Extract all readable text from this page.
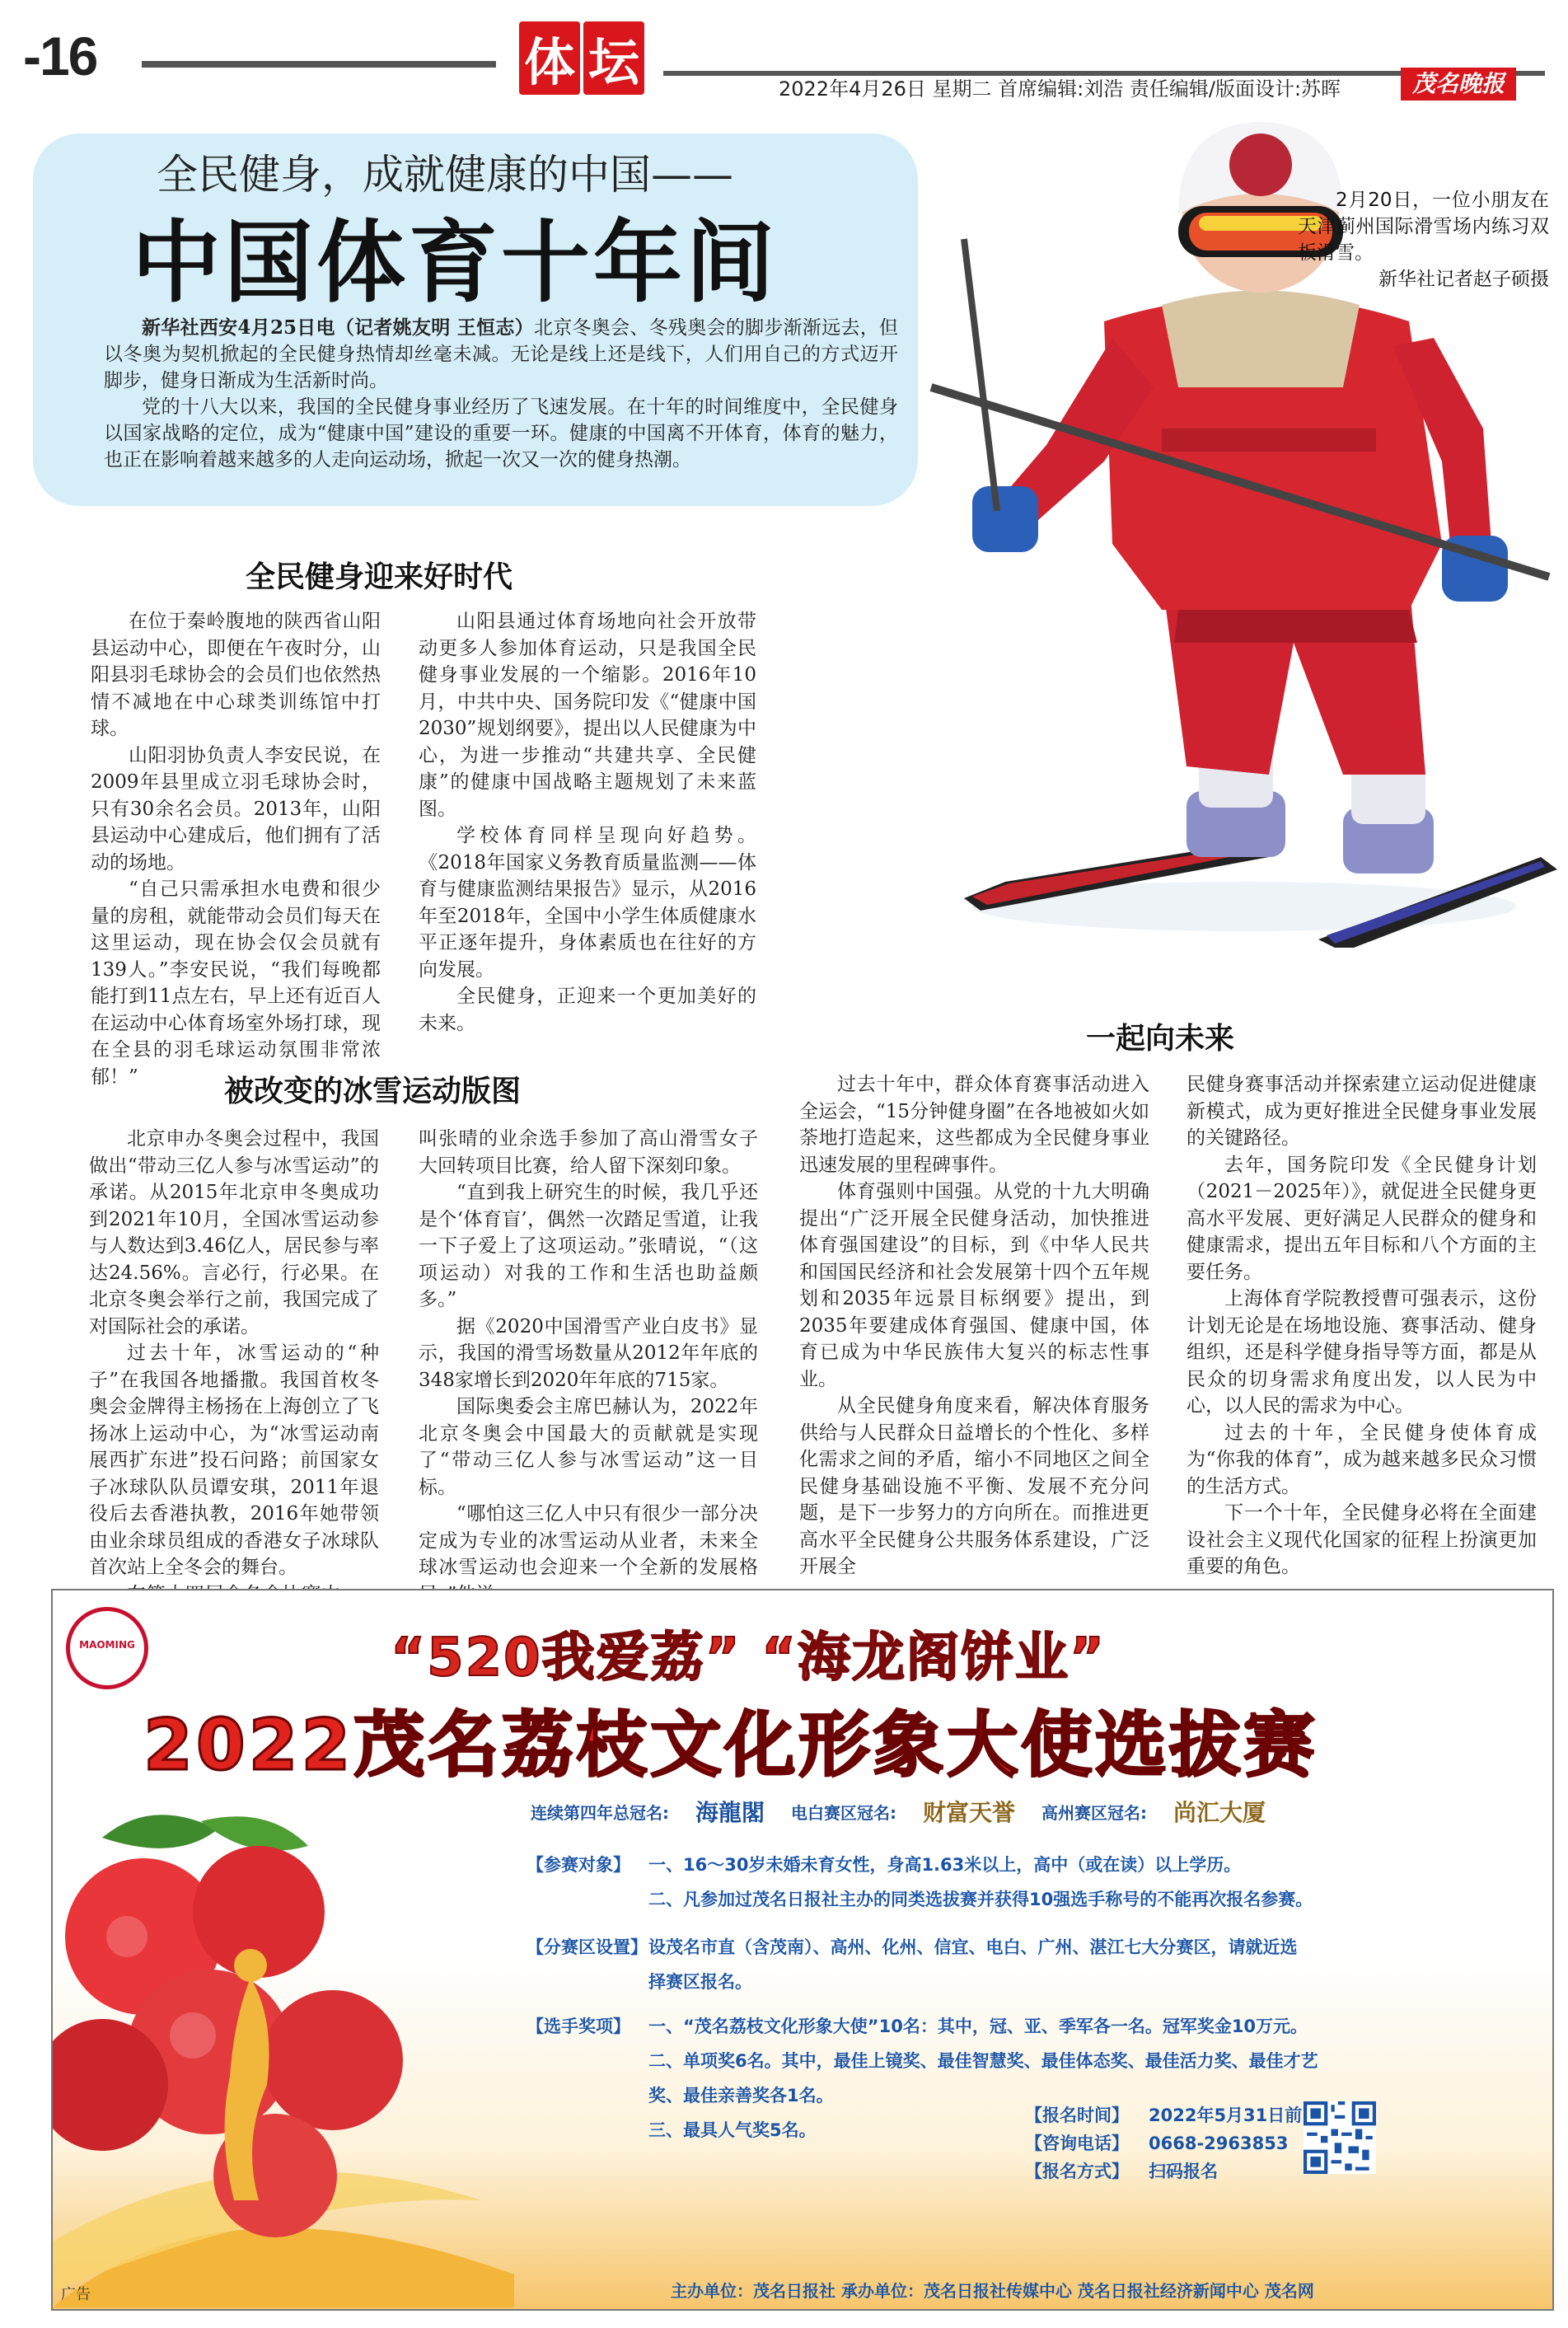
-16	体 坛	2022年4月26日 星期二 首席编辑:刘浩 责任编辑/版面设计:苏晖	茂名晚报
全民健身，成就健康的中国——
中国体育十年间

新华社西安4月25日电（记者姚友明 王恒志）北京冬奥会、冬残奥会的脚步渐渐远去，但以冬奥为契机掀起的全民健身热情却丝毫未减。无论是线上还是线下，人们用自己的方式迈开脚步，健身日渐成为生活新时尚。

党的十八大以来，我国的全民健身事业经历了飞速发展。在十年的时间维度中，全民健身以国家战略的定位，成为“健康中国”建设的重要一环。健康的中国离不开体育，体育的魅力，也正在影响着越来越多的人走向运动场，掀起一次又一次的健身热潮。

2月20日，一位小朋友在天津蓟州国际滑雪场内练习双板滑雪。
新华社记者赵子硕摄
全民健身迎来好时代

在位于秦岭腹地的陕西省山阳县运动中心，即便在午夜时分，山阳县羽毛球协会的会员们也依然热情不减地在中心球类训练馆中打球。

山阳羽协负责人李安民说，在2009年县里成立羽毛球协会时，只有30余名会员。2013年，山阳县运动中心建成后，他们拥有了活动的场地。

“自己只需承担水电费和很少量的房租，就能带动会员们每天在这里运动，现在协会仅会员就有139人。”李安民说，“我们每晚都能打到11点左右，早上还有近百人在运动中心体育场室外场打球，现在全县的羽毛球运动氛围非常浓郁！”

山阳县通过体育场地向社会开放带动更多人参加体育运动，只是我国全民健身事业发展的一个缩影。2016年10月，中共中央、国务院印发《“健康中国2030”规划纲要》，提出以人民健康为中心，为进一步推动“共建共享、全民健康”的健康中国战略主题规划了未来蓝图。

学校体育同样呈现向好趋势。《2018年国家义务教育质量监测——体育与健康监测结果报告》显示，从2016年至2018年，全国中小学生体质健康水平正逐年提升，身体素质也在往好的方向发展。

全民健身，正迎来一个更加美好的未来。

被改变的冰雪运动版图

北京申办冬奥会过程中，我国做出“带动三亿人参与冰雪运动”的承诺。从2015年北京申冬奥成功到2021年10月，全国冰雪运动参与人数达到3.46亿人，居民参与率达24.56%。言必行，行必果。在北京冬奥会举行之前，我国完成了对国际社会的承诺。

过去十年，冰雪运动的“种子”在我国各地播撒。我国首枚冬奥会金牌得主杨扬在上海创立了飞扬冰上运动中心，为“冰雪运动南展西扩东进”投石问路；前国家女子冰球队队员谭安琪，2011年退役后去香港执教，2016年她带领由业余球员组成的香港女子冰球队首次站上全冬会的舞台。

叫张晴的业余选手参加了高山滑雪女子大回转项目比赛，给人留下深刻印象。

“直到我上研究生的时候，我几乎还是个‘体育盲’，偶然一次踏足雪道，让我一下子爱上了这项运动。”张晴说，“（这项运动）对我的工作和生活也助益颇多。”

据《2020中国滑雪产业白皮书》显示，我国的滑雪场数量从2012年年底的348家增长到2020年年底的715家。

国际奥委会主席巴赫认为，2022年北京冬奥会中国最大的贡献就是实现了“带动三亿人参与冰雪运动”这一目标。

“哪怕这三亿人中只有很少一部分决定成为专业的冰雪运动从业者，未来全球冰雪运动也会迎来一个全新的发展格

一起向未来

过去十年中，群众体育赛事活动进入全运会，“15分钟健身圈”在各地被如火如荼地打造起来，这些都成为全民健身事业迅速发展的里程碑事件。

体育强则中国强。从党的十九大明确提出“广泛开展全民健身活动，加快推进体育强国建设”的目标，到《中华人民共和国国民经济和社会发展第十四个五年规划和2035年远景目标纲要》提出，到2035年要建成体育强国、健康中国，体育已成为中华民族伟大复兴的标志性事业。

从全民健身角度来看，解决体育服务供给与人民群众日益增长的个性化、多样化需求之间的矛盾，缩小不同地区之间全民健身基础设施不平衡、发展不充分问题，是下一步努力的方向所在。而推进更高水平全民健身公共服务体系建设，广泛开展全

民健身赛事活动并探索建立运动促进健康新模式，成为更好推进全民健身事业发展的关键路径。

去年，国务院印发《全民健身计划（2021－2025年）》，就促进全民健身更高水平发展、更好满足人民群众的健身和健康需求，提出五年目标和八个方面的主要任务。

上海体育学院教授曹可强表示，这份计划无论是在场地设施、赛事活动、健身组织，还是科学健身指导等方面，都是从民众的切身需求角度出发，以人民为中心，以人民的需求为中心。

过去的十年，全民健身使体育成为“你我的体育”，成为越来越多民众习惯的生活方式。

下一个十年，全民健身必将在全面建设社会主义现代化国家的征程上扮演更加重要的角色。

MAOMING	“520我爱荔” “海龙阁饼业”
2022茂名荔枝文化形象大使选拔赛
连续第四年总冠名: 海龍閣	电白赛区冠名: 财富天誉	高州赛区冠名: 尚汇大厦
【参赛对象】 一、16～30岁未婚未育女性，身高1.63米以上，高中（或在读）以上学历。
二、凡参加过茂名日报社主办的同类选拔赛并获得10强选手称号的不能再次报名参赛。
【分赛区设置】 设茂名市直（含茂南）、高州、化州、信宜、电白、广州、湛江七大分赛区，请就近选
择赛区报名。
【选手奖项】 一、“茂名荔枝文化形象大使”10名：其中，冠、亚、季军各一名。冠军奖金10万元。
二、单项奖6名。其中，最佳上镜奖、最佳智慧奖、最佳体态奖、最佳活力奖、最佳才艺
奖、最佳亲善奖各1名。
三、最具人气奖5名。
【报名时间】 2022年5月31日前
【咨询电话】 0668-2963853
【报名方式】 扫码报名
主办单位：茂名日报社 承办单位：茂名日报社传媒中心 茂名日报社经济新闻中心 茂名网
广告
